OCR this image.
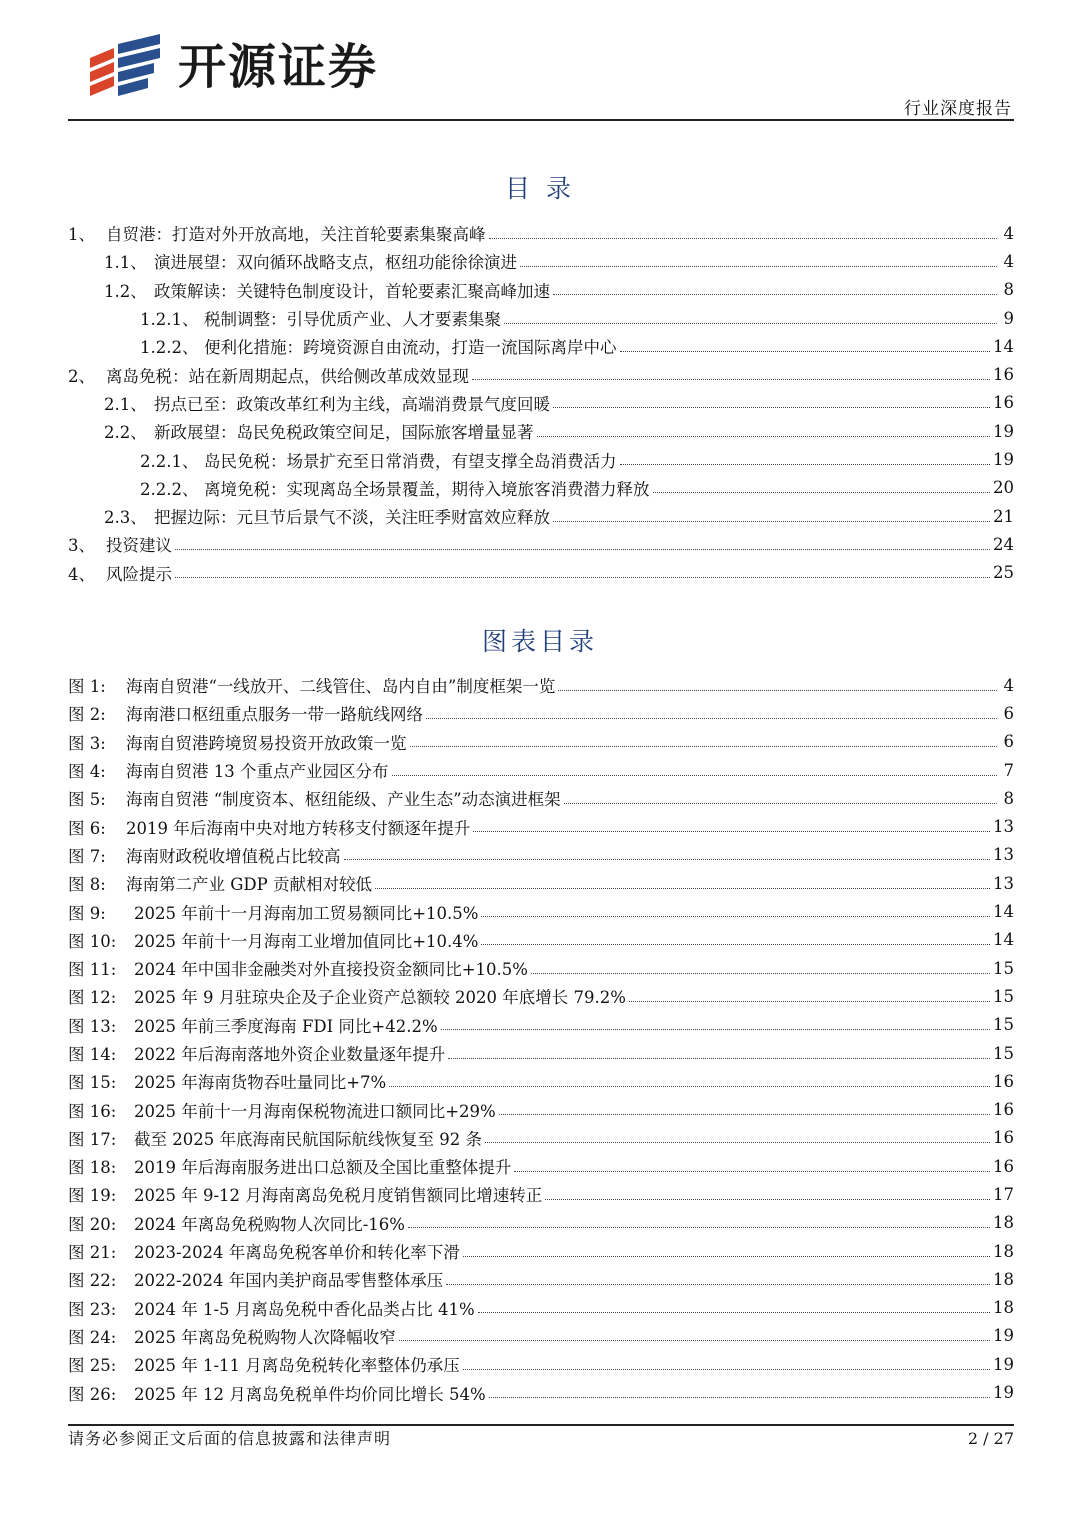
开源证券
行业深度报告
目 录
1、 自贸港：打造对外开放高地，关注首轮要素集聚高峰	4
1.1、 演进展望：双向循环战略支点，枢纽功能徐徐演进	4
1.2、 政策解读：关键特色制度设计，首轮要素汇聚高峰加速	8
1.2.1、 税制调整：引导优质产业、人才要素集聚	9
1.2.2、 便利化措施：跨境资源自由流动，打造一流国际离岸中心	14
2、 离岛免税：站在新周期起点，供给侧改革成效显现	16
2.1、 拐点已至：政策改革红利为主线，高端消费景气度回暖	16
2.2、 新政展望：岛民免税政策空间足，国际旅客增量显著	19
2.2.1、 岛民免税：场景扩充至日常消费，有望支撑全岛消费活力	19
2.2.2、 离境免税：实现离岛全场景覆盖，期待入境旅客消费潜力释放	20
2.3、 把握边际：元旦节后景气不淡，关注旺季财富效应释放	21
3、 投资建议	24
4、 风险提示	25
图表目录
图 1:	海南自贸港“一线放开、二线管住、岛内自由”制度框架一览	4
图 2:	海南港口枢纽重点服务一带一路航线网络	6
图 3:	海南自贸港跨境贸易投资开放政策一览	6
图 4:	海南自贸港 13 个重点产业园区分布	7
图 5:	海南自贸港 “制度资本、枢纽能级、产业生态”动态演进框架	8
图 6:	2019 年后海南中央对地方转移支付额逐年提升	13
图 7:	海南财政税收增值税占比较高	13
图 8:	海南第二产业 GDP 贡献相对较低	13
图 9:	2025 年前十一月海南加工贸易额同比+10.5%	14
图 10:	2025 年前十一月海南工业增加值同比+10.4%	14
图 11:	2024 年中国非金融类对外直接投资金额同比+10.5%	15
图 12:	2025 年 9 月驻琼央企及子企业资产总额较 2020 年底增长 79.2%	15
图 13:	2025 年前三季度海南 FDI 同比+42.2%	15
图 14:	2022 年后海南落地外资企业数量逐年提升	15
图 15:	2025 年海南货物吞吐量同比+7%	16
图 16:	2025 年前十一月海南保税物流进口额同比+29%	16
图 17:	截至 2025 年底海南民航国际航线恢复至 92 条	16
图 18:	2019 年后海南服务进出口总额及全国比重整体提升	16
图 19:	2025 年 9-12 月海南离岛免税月度销售额同比增速转正	17
图 20:	2024 年离岛免税购物人次同比-16%	18
图 21:	2023-2024 年离岛免税客单价和转化率下滑	18
图 22:	2022-2024 年国内美护商品零售整体承压	18
图 23:	2024 年 1-5 月离岛免税中香化品类占比 41%	18
图 24:	2025 年离岛免税购物人次降幅收窄	19
图 25:	2025 年 1-11 月离岛免税转化率整体仍承压	19
图 26:	2025 年 12 月离岛免税单件均价同比增长 54%	19
请务必参阅正文后面的信息披露和法律声明	2 / 27
